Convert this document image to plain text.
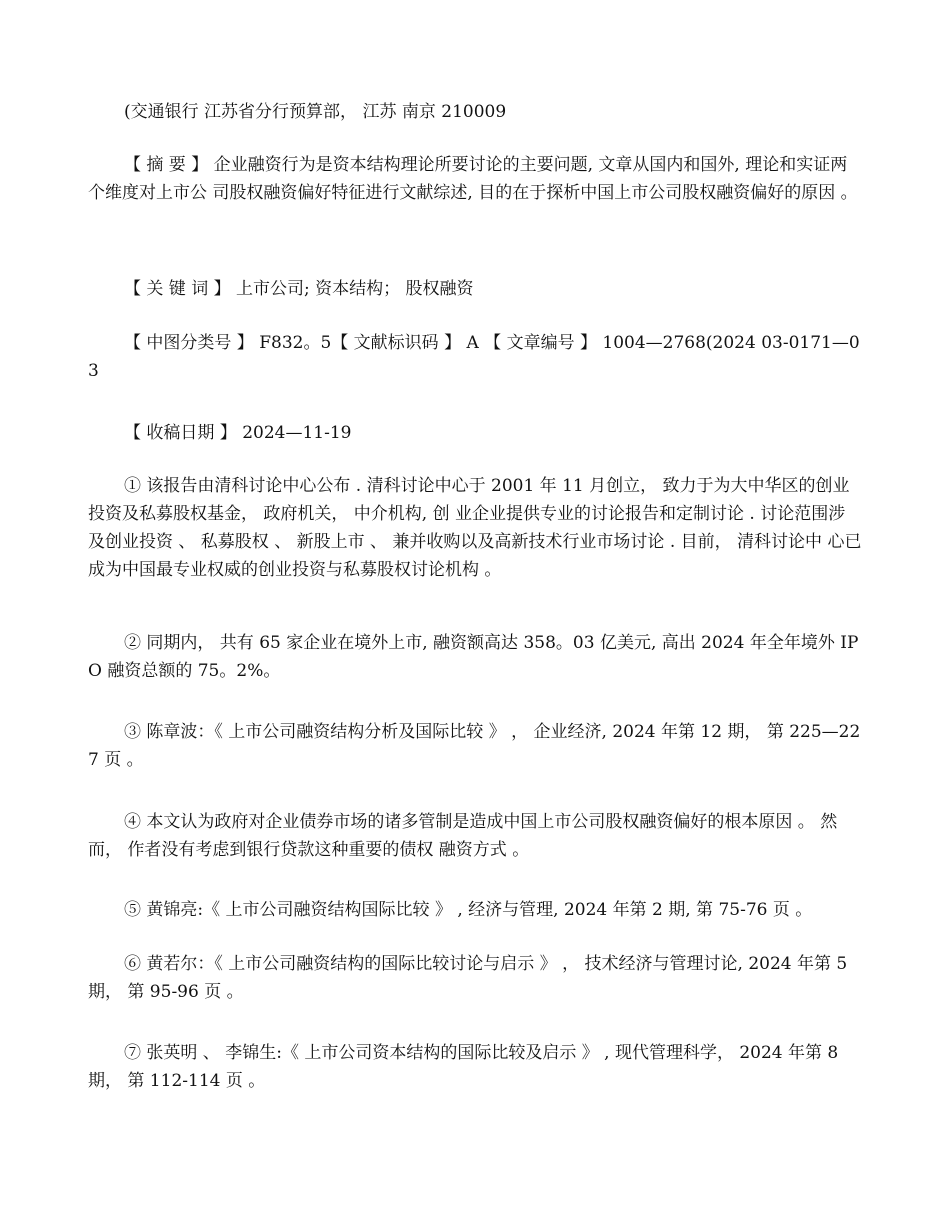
(交通银行 江苏省分行预算部， 江苏 南京 210009
【 摘 要 】 企业融资行为是资本结构理论所要讨论的主要问题, 文章从国内和国外, 理论和实证两个维度对上市公 司股权融资偏好特征进行文献综述, 目的在于探析中国上市公司股权融资偏好的原因 。
【 关 键 词 】 上市公司; 资本结构； 股权融资
【 中图分类号 】 F832。5【 文献标识码 】 A 【 文章编号 】 1004—2768(2024 03-0171—03
【 收稿日期 】 2024—11-19
① 该报告由清科讨论中心公布 . 清科讨论中心于 2001 年 11 月创立， 致力于为大中华区的创业投资及私募股权基金， 政府机关， 中介机构, 创 业企业提供专业的讨论报告和定制讨论 . 讨论范围涉及创业投资 、 私募股权 、 新股上市 、 兼并收购以及高新技术行业市场讨论 . 目前， 清科讨论中 心已成为中国最专业权威的创业投资与私募股权讨论机构 。
② 同期内， 共有 65 家企业在境外上市, 融资额高达 358。03 亿美元, 高出 2024 年全年境外 IPO 融资总额的 75。2%。
③ 陈章波：《 上市公司融资结构分析及国际比较 》 ， 企业经济, 2024 年第 12 期， 第 225—227 页 。
④ 本文认为政府对企业债券市场的诸多管制是造成中国上市公司股权融资偏好的根本原因 。 然而， 作者没有考虑到银行贷款这种重要的债权 融资方式 。
⑤ 黄锦亮:《 上市公司融资结构国际比较 》 , 经济与管理, 2024 年第 2 期, 第 75-76 页 。
⑥ 黄若尔：《 上市公司融资结构的国际比较讨论与启示 》 ， 技术经济与管理讨论, 2024 年第 5 期， 第 95-96 页 。
⑦ 张英明 、 李锦生:《 上市公司资本结构的国际比较及启示 》 , 现代管理科学， 2024 年第 8 期， 第 112-114 页 。
